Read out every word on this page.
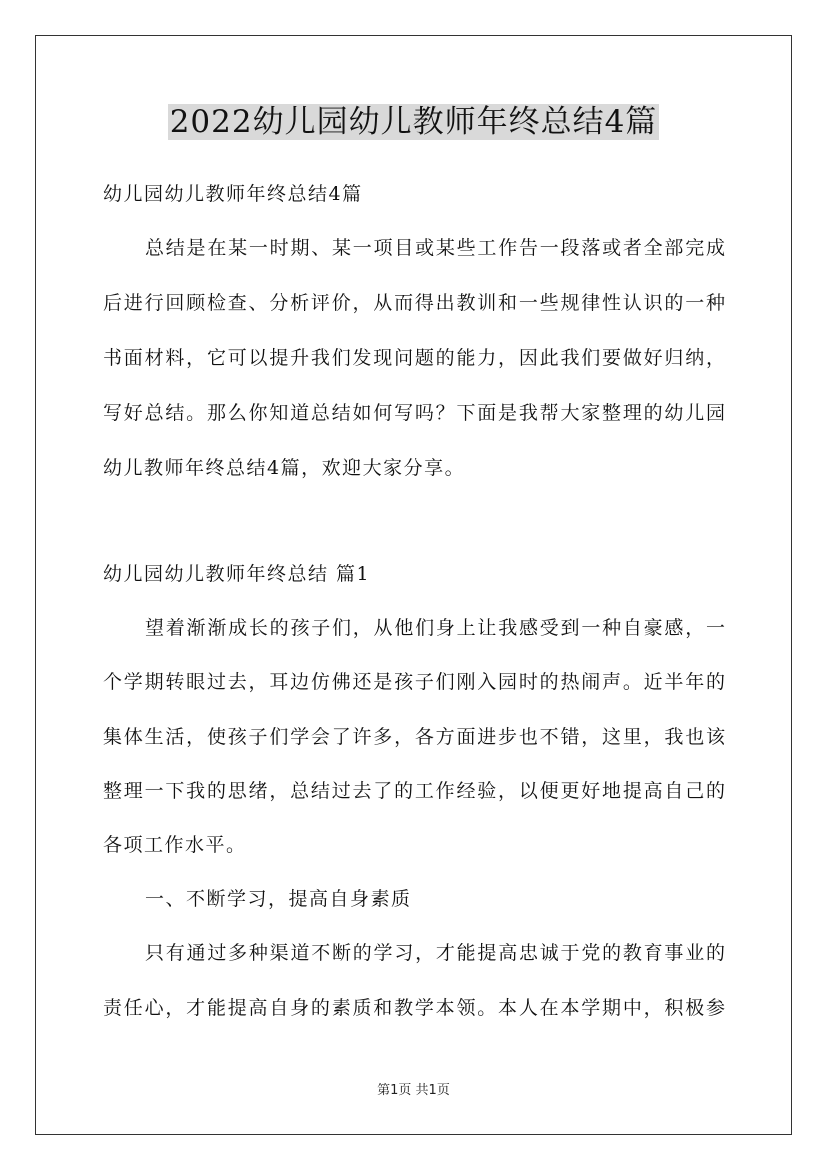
2022幼儿园幼儿教师年终总结4篇
幼儿园幼儿教师年终总结4篇
总结是在某一时期、某一项目或某些工作告一段落或者全部完成
后进行回顾检查、分析评价，从而得出教训和一些规律性认识的一种
书面材料，它可以提升我们发现问题的能力，因此我们要做好归纳，
写好总结。那么你知道总结如何写吗？下面是我帮大家整理的幼儿园
幼儿教师年终总结4篇，欢迎大家分享。
幼儿园幼儿教师年终总结 篇1
望着渐渐成长的孩子们，从他们身上让我感受到一种自豪感，一
个学期转眼过去，耳边仿佛还是孩子们刚入园时的热闹声。近半年的
集体生活，使孩子们学会了许多，各方面进步也不错，这里，我也该
整理一下我的思绪，总结过去了的工作经验，以便更好地提高自己的
各项工作水平。
一、不断学习，提高自身素质
只有通过多种渠道不断的学习，才能提高忠诚于党的教育事业的
责任心，才能提高自身的素质和教学本领。本人在本学期中，积极参
第1页 共1页
